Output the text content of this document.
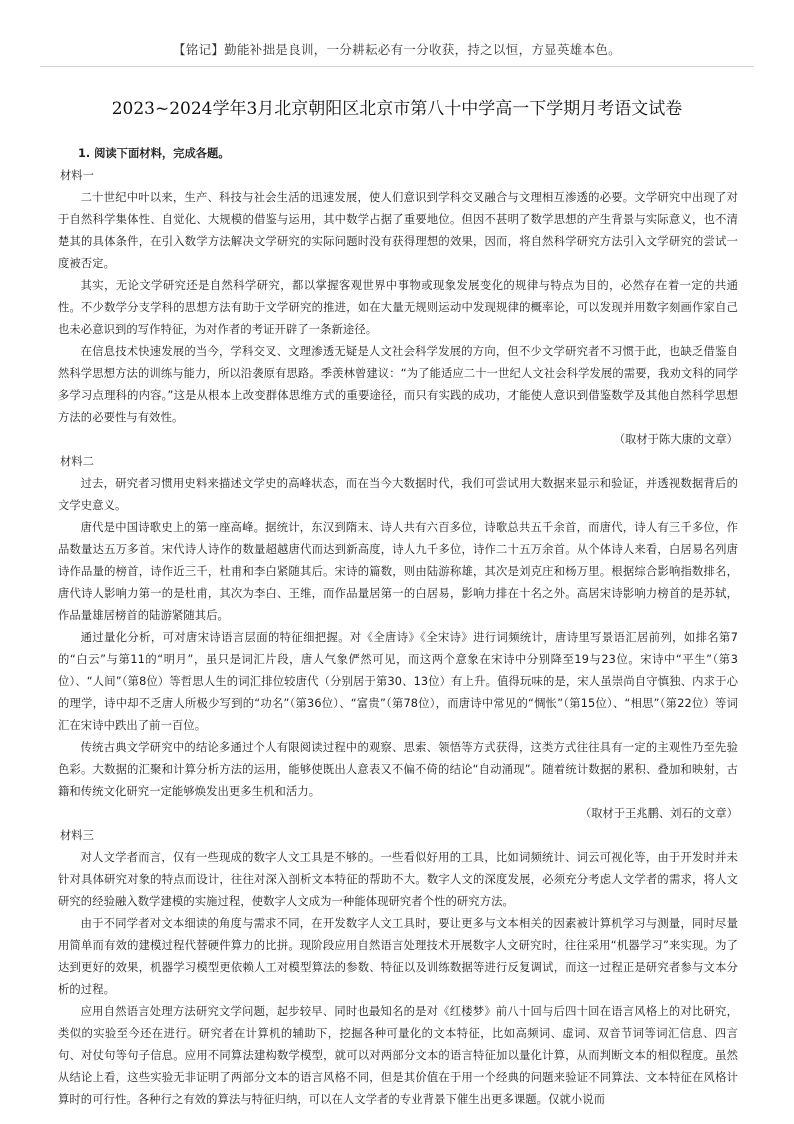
【铭记】勤能补拙是良训，一分耕耘必有一分收获，持之以恒，方显英雄本色。
2023~2024学年3月北京朝阳区北京市第八十中学高一下学期月考语文试卷

1. 阅读下面材料，完成各题。

材料一

二十世纪中叶以来，生产、科技与社会生活的迅速发展，使人们意识到学科交叉融合与文理相互渗透的必要。文学研究中出现了对于自然科学集体性、自觉化、大规模的借鉴与运用，其中数学占据了重要地位。但因不甚明了数学思想的产生背景与实际意义，也不清楚其的具体条件，在引入数学方法解决文学研究的实际问题时没有获得理想的效果，因而，将自然科学研究方法引入文学研究的尝试一度被否定。

其实，无论文学研究还是自然科学研究，都以掌握客观世界中事物或现象发展变化的规律与特点为目的，必然存在着一定的共通性。不少数学分支学科的思想方法有助于文学研究的推进，如在大量无规则运动中发现规律的概率论，可以发现并用数字刻画作家自己也未必意识到的写作特征，为对作者的考证开辟了一条新途径。

在信息技术快速发展的当今，学科交叉、文理渗透无疑是人文社会科学发展的方向，但不少文学研究者不习惯于此，也缺乏借鉴自然科学思想方法的训练与能力，所以沿袭原有思路。季羡林曾建议：“为了能适应二十一世纪人文社会科学发展的需要，我劝文科的同学多学习点理科的内容。”这是从根本上改变群体思维方式的重要途径，而只有实践的成功，才能使人意识到借鉴数学及其他自然科学思想方法的必要性与有效性。

（取材于陈大康的文章）

材料二

过去，研究者习惯用史料来描述文学史的高峰状态，而在当今大数据时代，我们可尝试用大数据来显示和验证，并透视数据背后的文学史意义。

唐代是中国诗歌史上的第一座高峰。据统计，东汉到隋末、诗人共有六百多位，诗歌总共五千余首，而唐代，诗人有三千多位，作品数量达五万多首。宋代诗人诗作的数量超越唐代而达到新高度，诗人九千多位，诗作二十五万余首。从个体诗人来看，白居易名列唐诗作品量的榜首，诗作近三千，杜甫和李白紧随其后。宋诗的篇数，则由陆游称雄，其次是刘克庄和杨万里。根据综合影响指数排名，唐代诗人影响力第一的是杜甫，其次为李白、王维，而作品量居第一的白居易，影响力排在十名之外。高居宋诗影响力榜首的是苏轼，作品量雄居榜首的陆游紧随其后。

通过量化分析，可对唐宋诗语言层面的特征细把握。对《全唐诗》《全宋诗》进行词频统计，唐诗里写景语汇居前列，如排名第7的“白云”与第11的“明月”，虽只是词汇片段，唐人气象俨然可见，而这两个意象在宋诗中分别降至19与23位。宋诗中“平生”（第3位）、“人间”（第8位）等哲思人生的词汇排位较唐代（分别居于第30、13位）有上升。值得玩味的是，宋人虽崇尚自守慎独、内求于心的理学，诗中却不乏唐人所极少写到的“功名”（第36位）、“富贵”（第78位），而唐诗中常见的“惆怅”（第15位）、“相思”（第22位）等词汇在宋诗中跌出了前一百位。

传统古典文学研究中的结论多通过个人有限阅读过程中的观察、思索、领悟等方式获得，这类方式往往具有一定的主观性乃至先验色彩。大数据的汇聚和计算分析方法的运用，能够使既出人意表又不偏不倚的结论“自动涌现”。随着统计数据的累积、叠加和映射，古籍和传统文化研究一定能够焕发出更多生机和活力。

（取材于王兆鹏、刘石的文章）

材料三

对人文学者而言，仅有一些现成的数字人文工具是不够的。一些看似好用的工具，比如词频统计、词云可视化等，由于开发时并未针对具体研究对象的特点而设计，往往对深入剖析文本特征的帮助不大。数字人文的深度发展，必须充分考虑人文学者的需求，将人文研究的经验融入数学建模的实施过程，使数字人文成为一种能体现研究者个性的研究方法。

由于不同学者对文本细读的角度与需求不同，在开发数字人文工具时，要让更多与文本相关的因素被计算机学习与测量，同时尽量用简单而有效的建模过程代替硬件算力的比拼。现阶段应用自然语言处理技术开展数字人文研究时，往往采用“机器学习”来实现。为了达到更好的效果，机器学习模型更依赖人工对模型算法的参数、特征以及训练数据等进行反复调试，而这一过程正是研究者参与文本分析的过程。

应用自然语言处理方法研究文学问题，起步较早、同时也最知名的是对《红楼梦》前八十回与后四十回在语言风格上的对比研究，类似的实验至今还在进行。研究者在计算机的辅助下，挖掘各种可量化的文本特征，比如高频词、虚词、双音节词等词汇信息、四言句、对仗句等句子信息。应用不同算法建构数学模型，就可以对两部分文本的语言特征加以量化计算，从而判断文本的相似程度。虽然从结论上看，这些实验无非证明了两部分文本的语言风格不同，但是其价值在于用一个经典的问题来验证不同算法、文本特征在风格计算时的可行性。各种行之有效的算法与特征归纳，可以在人文学者的专业背景下催生出更多课题。仅就小说而
